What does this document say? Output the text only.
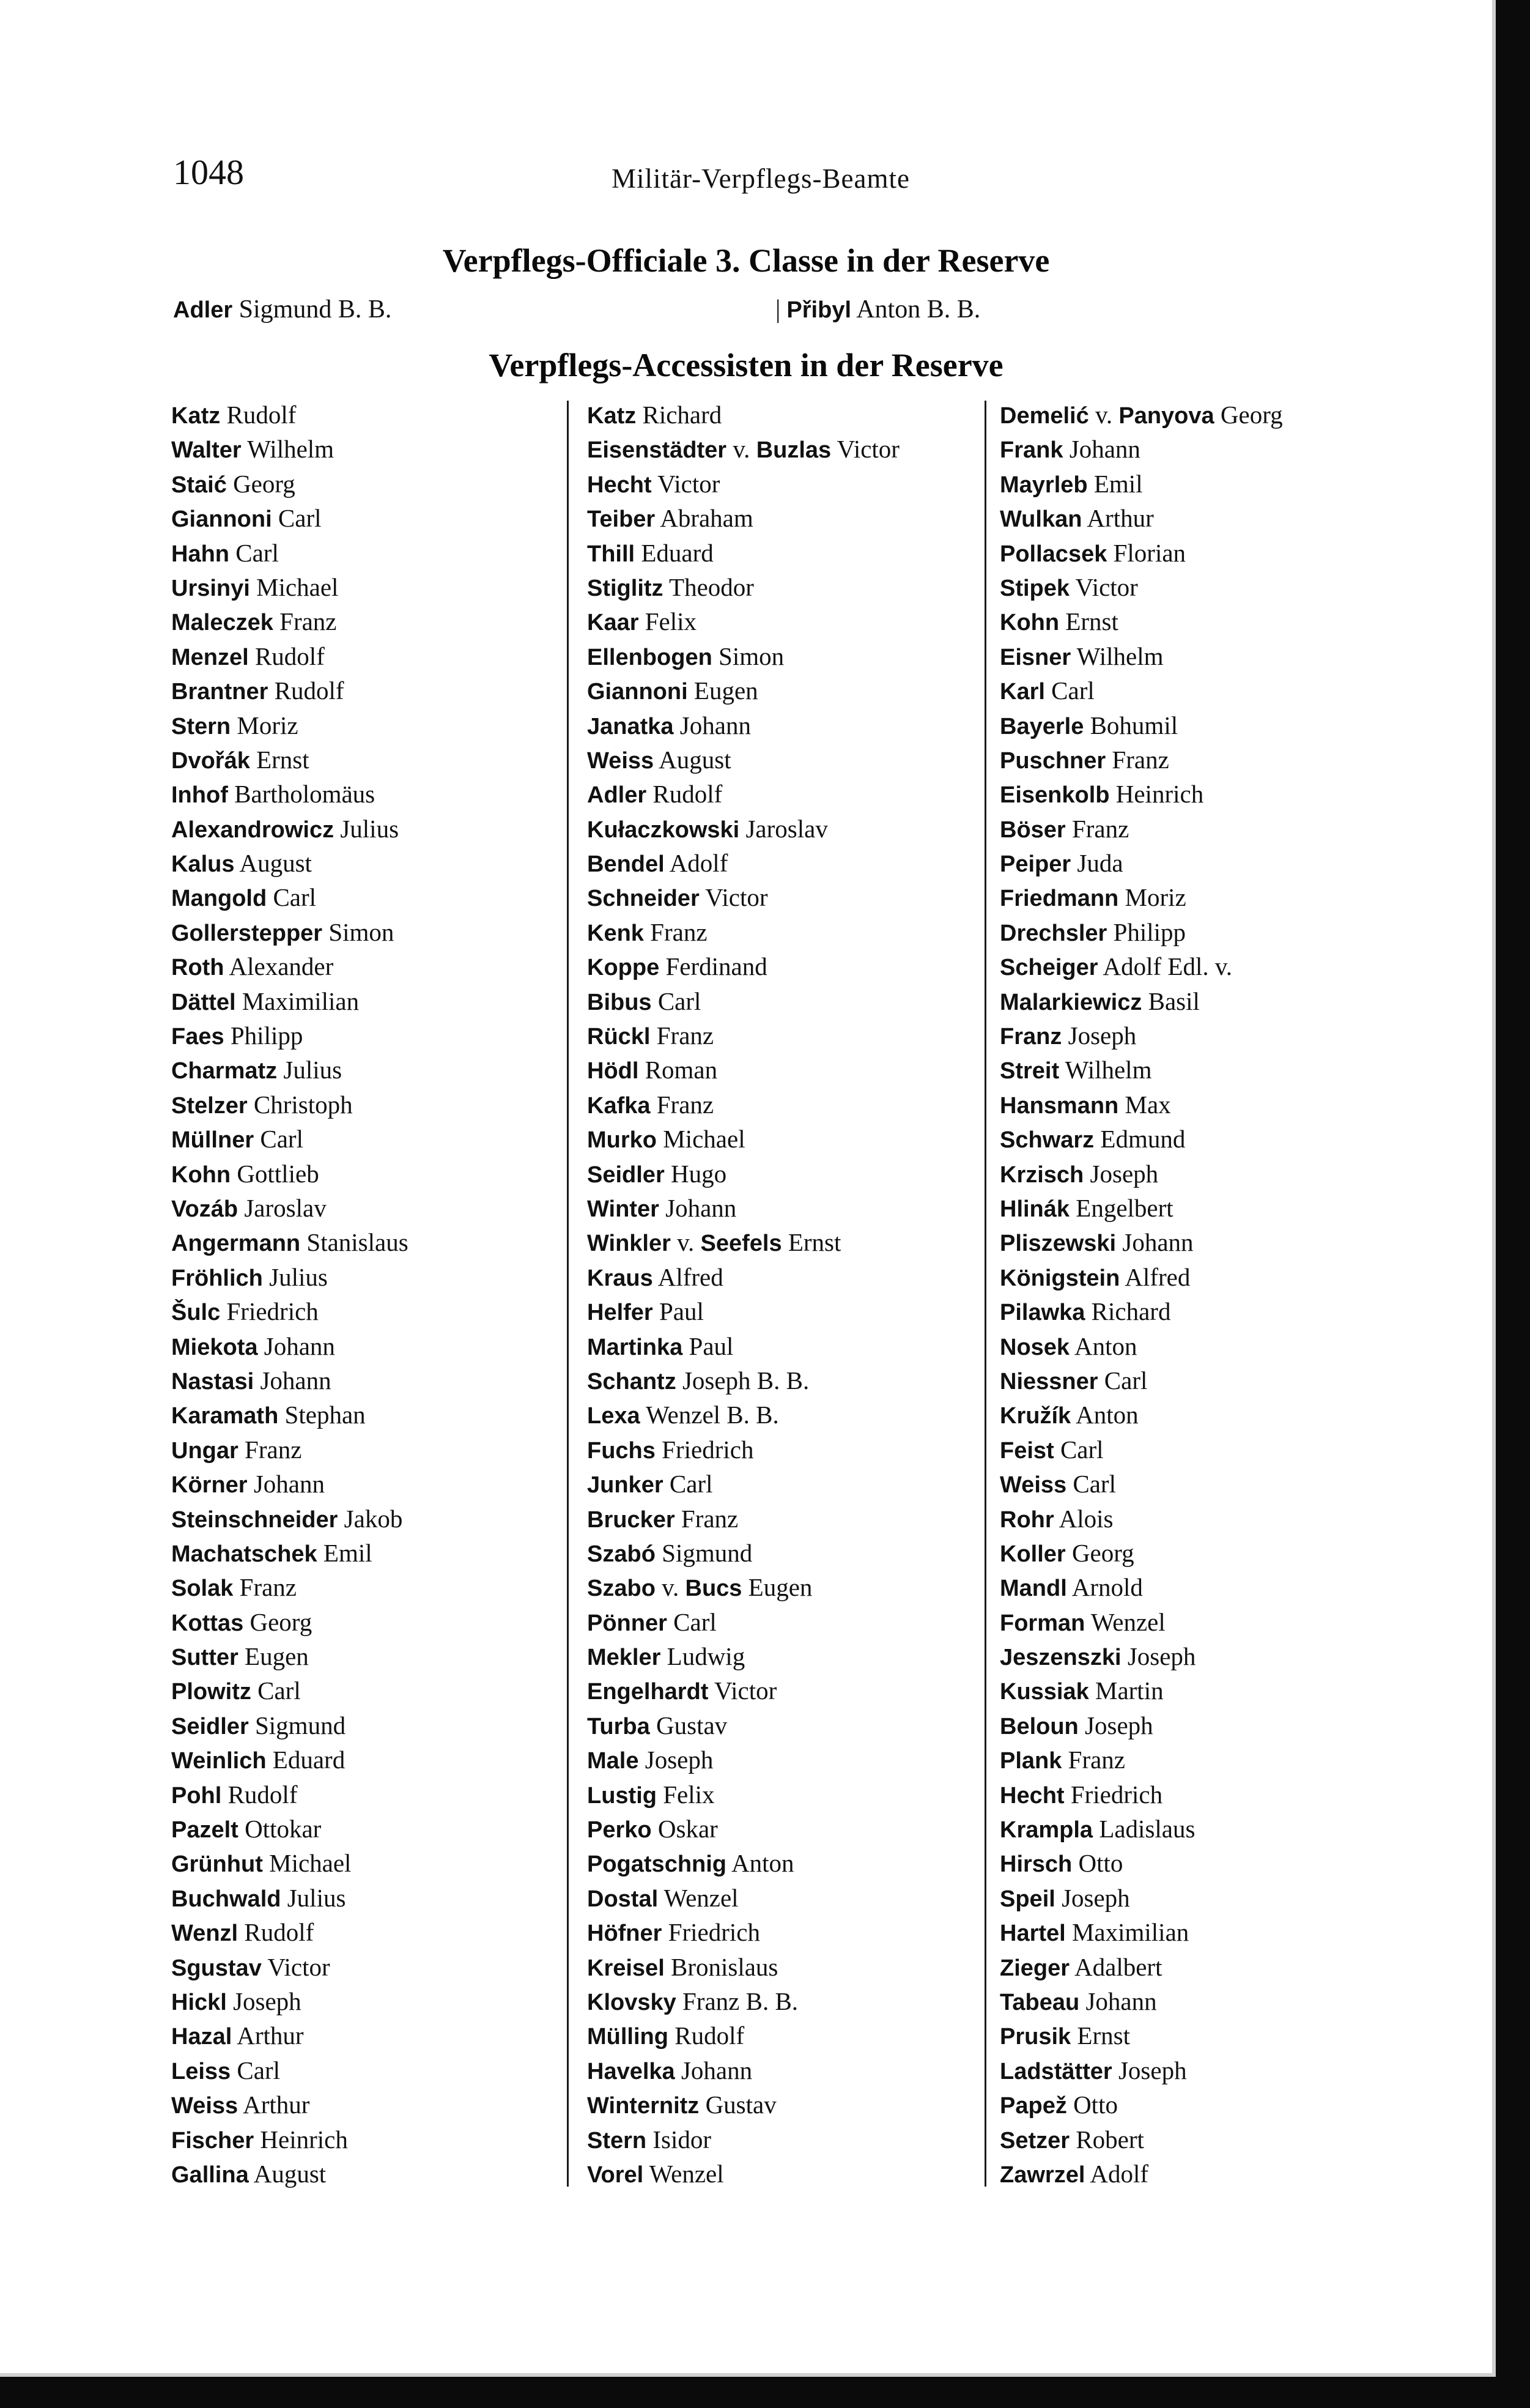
1048	Militär-Verpflegs-Beamte
Verpflegs-Officiale 3. Classe in der Reserve
Adler Sigmund B. B.	| Přibyl Anton B. B.
Verpflegs-Accessisten in der Reserve
Katz Rudolf
Walter Wilhelm
Staić Georg
Giannoni Carl
Hahn Carl
Ursinyi Michael
Maleczek Franz
Menzel Rudolf
Brantner Rudolf
Stern Moriz
Dvořák Ernst
Inhof Bartholomäus
Alexandrowicz Julius
Kalus August
Mangold Carl
Gollerstepper Simon
Roth Alexander
Dättel Maximilian
Faes Philipp
Charmatz Julius
Stelzer Christoph
Müllner Carl
Kohn Gottlieb
Vozáb Jaroslav
Angermann Stanislaus
Fröhlich Julius
Šulc Friedrich
Miekota Johann
Nastasi Johann
Karamath Stephan
Ungar Franz
Körner Johann
Steinschneider Jakob
Machatschek Emil
Solak Franz
Kottas Georg
Sutter Eugen
Plowitz Carl
Seidler Sigmund
Weinlich Eduard
Pohl Rudolf
Pazelt Ottokar
Grünhut Michael
Buchwald Julius
Wenzl Rudolf
Sgustav Victor
Hickl Joseph
Hazal Arthur
Leiss Carl
Weiss Arthur
Fischer Heinrich
Gallina August
Katz Richard
Eisenstädter v. Buzlas Victor
Hecht Victor
Teiber Abraham
Thill Eduard
Stiglitz Theodor
Kaar Felix
Ellenbogen Simon
Giannoni Eugen
Janatka Johann
Weiss August
Adler Rudolf
Kułaczkowski Jaroslav
Bendel Adolf
Schneider Victor
Kenk Franz
Koppe Ferdinand
Bibus Carl
Rückl Franz
Hödl Roman
Kafka Franz
Murko Michael
Seidler Hugo
Winter Johann
Winkler v. Seefels Ernst
Kraus Alfred
Helfer Paul
Martinka Paul
Schantz Joseph B. B.
Lexa Wenzel B. B.
Fuchs Friedrich
Junker Carl
Brucker Franz
Szabó Sigmund
Szabo v. Bucs Eugen
Pönner Carl
Mekler Ludwig
Engelhardt Victor
Turba Gustav
Male Joseph
Lustig Felix
Perko Oskar
Pogatschnig Anton
Dostal Wenzel
Höfner Friedrich
Kreisel Bronislaus
Klovsky Franz B. B.
Mülling Rudolf
Havelka Johann
Winternitz Gustav
Stern Isidor
Vorel Wenzel
Demelić v. Panyova Georg
Frank Johann
Mayrleb Emil
Wulkan Arthur
Pollacsek Florian
Stipek Victor
Kohn Ernst
Eisner Wilhelm
Karl Carl
Bayerle Bohumil
Puschner Franz
Eisenkolb Heinrich
Böser Franz
Peiper Juda
Friedmann Moriz
Drechsler Philipp
Scheiger Adolf Edl. v.
Malarkiewicz Basil
Franz Joseph
Streit Wilhelm
Hansmann Max
Schwarz Edmund
Krzisch Joseph
Hlinák Engelbert
Pliszewski Johann
Königstein Alfred
Pilawka Richard
Nosek Anton
Niessner Carl
Kružík Anton
Feist Carl
Weiss Carl
Rohr Alois
Koller Georg
Mandl Arnold
Forman Wenzel
Jeszenszki Joseph
Kussiak Martin
Beloun Joseph
Plank Franz
Hecht Friedrich
Krampla Ladislaus
Hirsch Otto
Speil Joseph
Hartel Maximilian
Zieger Adalbert
Tabeau Johann
Prusik Ernst
Ladstätter Joseph
Papež Otto
Setzer Robert
Zawrzel Adolf
